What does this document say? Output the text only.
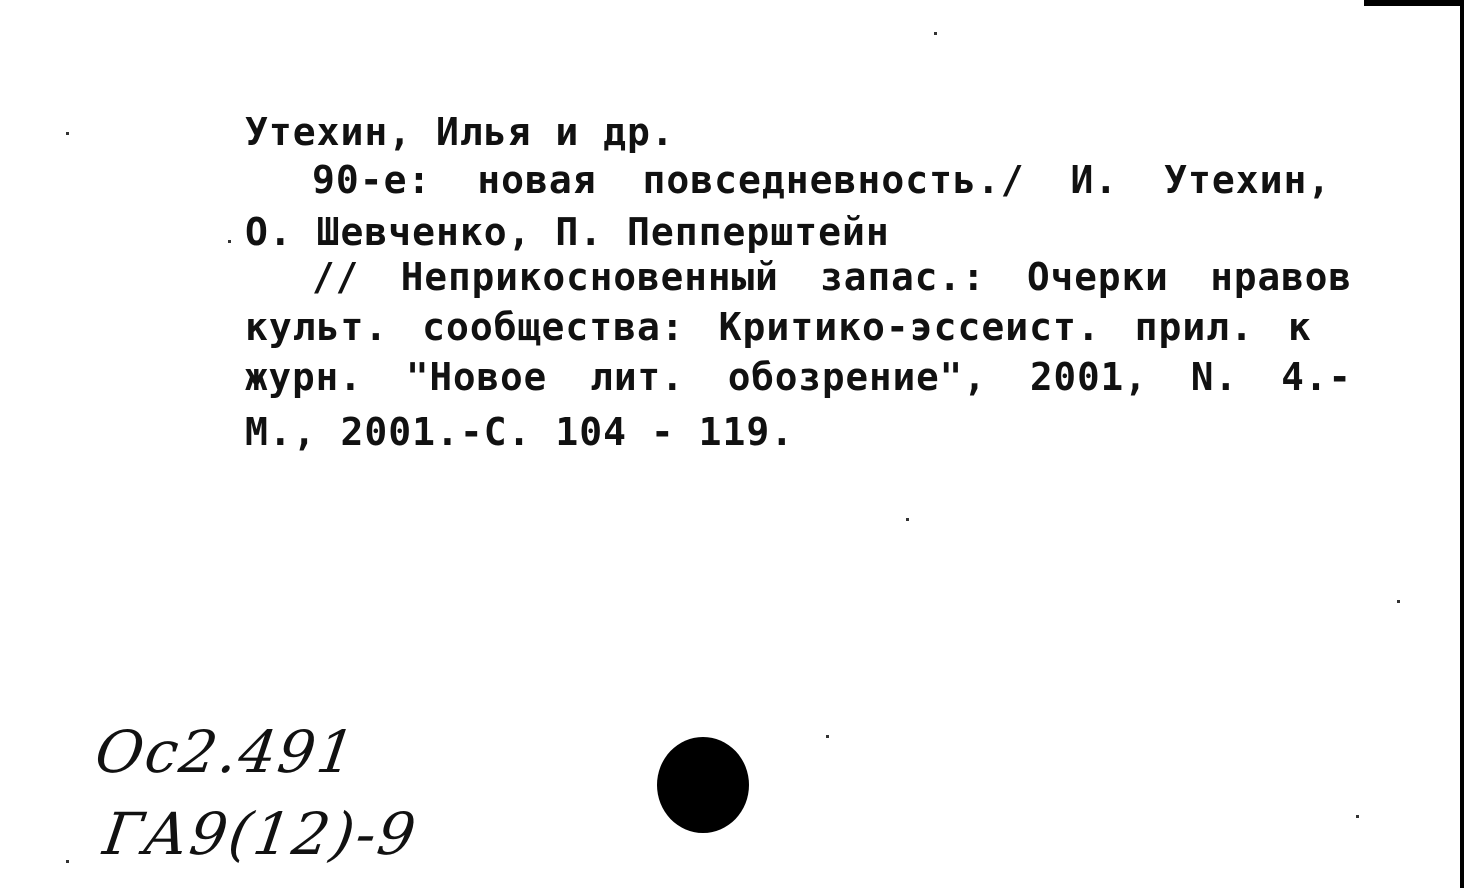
Утехин, Илья и др.
90-е: новая повседневность./ И. Утехин,
О. Шевченко, П. Пепперштейн
// Неприкосновенный запас.: Очерки нравов
культ. сообщества: Критико-эссеист. прил. к
журн. "Новое лит. обозрение", 2001, N. 4.-
М., 2001.-С. 104 - 119.
Ос2.491
ГА9(12)-9
